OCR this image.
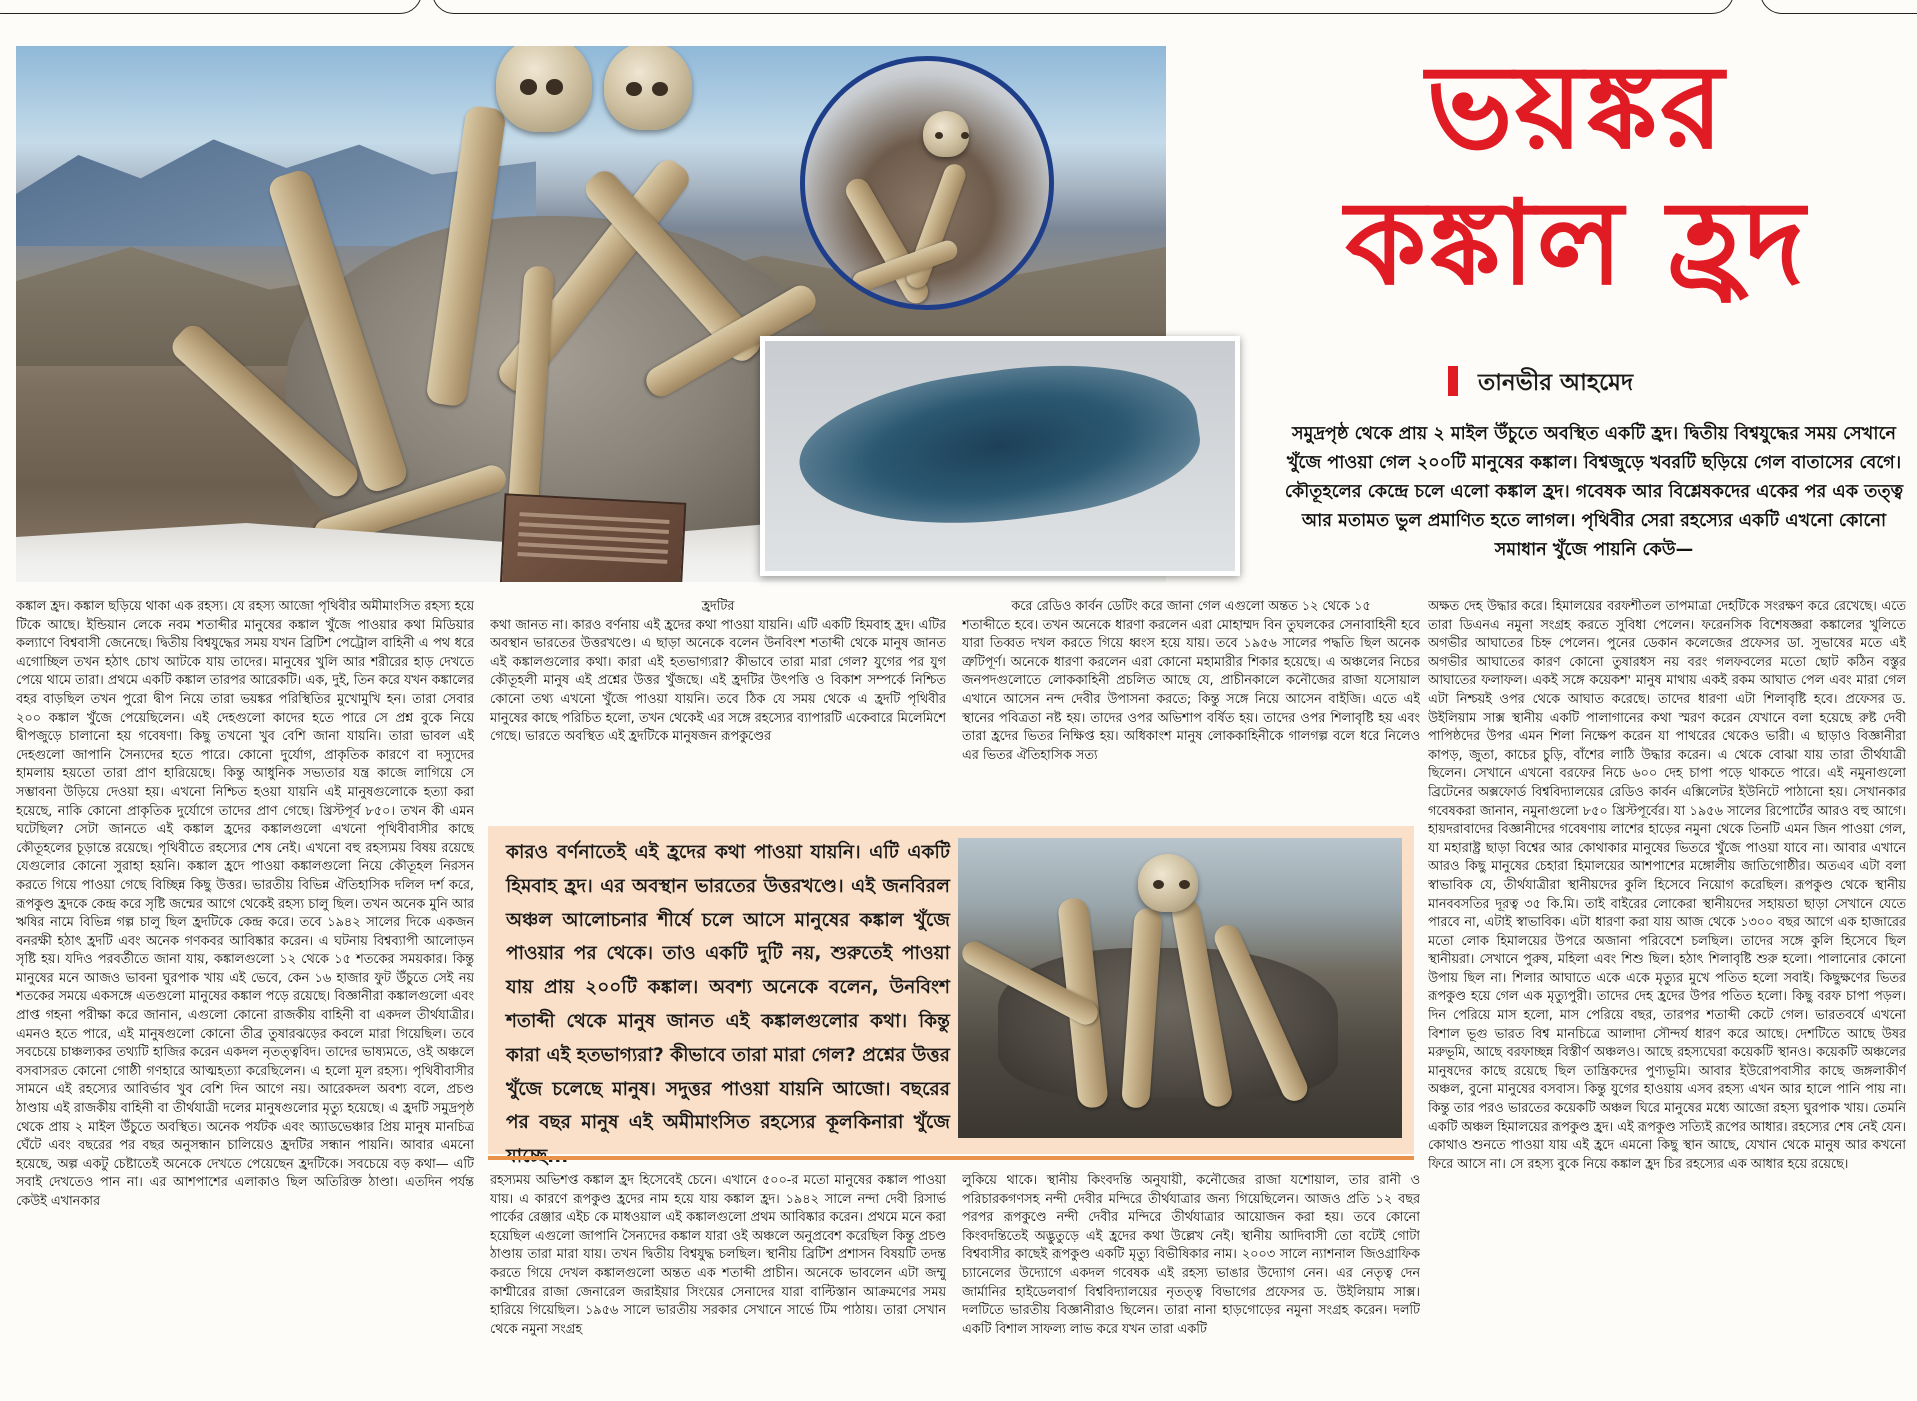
ভয়ঙ্কর
কঙ্কাল হ্রদ
তানভীর আহমেদ
সমুদ্রপৃষ্ঠ থেকে প্রায় ২ মাইল উঁচুতে অবস্থিত একটি হ্রদ। দ্বিতীয় বিশ্বযুদ্ধের সময় সেখানে খুঁজে পাওয়া গেল ২০০টি মানুষের কঙ্কাল। বিশ্বজুড়ে খবরটি ছড়িয়ে গেল বাতাসের বেগে। কৌতূহলের কেন্দ্রে চলে এলো কঙ্কাল হ্রদ। গবেষক আর বিশ্লেষকদের একের পর এক তত্ত্ব আর মতামত ভুল প্রমাণিত হতে লাগল। পৃথিবীর সেরা রহস্যের একটি এখনো কোনো সমাধান খুঁজে পায়নি কেউ—

কঙ্কাল হ্রদ। কঙ্কাল ছড়িয়ে থাকা এক রহস্য। যে রহস্য আজো পৃথিবীর অমীমাংসিত রহস্য হয়ে টিকে আছে। ইন্ডিয়ান লেকে নবম শতাব্দীর মানুষের কঙ্কাল খুঁজে পাওয়ার কথা মিডিয়ার কল্যাণে বিশ্ববাসী জেনেছে। দ্বিতীয় বিশ্বযুদ্ধের সময় যখন ব্রিটিশ পেট্রোল বাহিনী এ পথ ধরে এগোচ্ছিল তখন হঠাৎ চোখ আটকে যায় তাদের। মানুষের খুলি আর শরীরের হাড় দেখতে পেয়ে থামে তারা। প্রথমে একটি কঙ্কাল তারপর আরেকটি। এক, দুই, তিন করে যখন কঙ্কালের বহর বাড়ছিল তখন পুরো দ্বীপ নিয়ে তারা ভয়ঙ্কর পরিস্থিতির মুখোমুখি হন। তারা সেবার ২০০ কঙ্কাল খুঁজে পেয়েছিলেন। এই দেহগুলো কাদের হতে পারে সে প্রশ্ন বুকে নিয়ে দ্বীপজুড়ে চালানো হয় গবেষণা। কিছু তখনো খুব বেশি জানা যায়নি। তারা ভাবল এই দেহগুলো জাপানি সৈন্যদের হতে পারে। কোনো দুর্যোগ, প্রাকৃতিক কারণে বা দস্যুদের হামলায় হয়তো তারা প্রাণ হারিয়েছে। কিন্তু আধুনিক সভ্যতার যন্ত্র কাজে লাগিয়ে সে সম্ভাবনা উড়িয়ে দেওয়া হয়। এখনো নিশ্চিত হওয়া যায়নি এই মানুষগুলোকে হত্যা করা হয়েছে, নাকি কোনো প্রাকৃতিক দুর্যোগে তাদের প্রাণ গেছে। খ্রিস্টপূর্ব ৮৫০। তখন কী এমন ঘটেছিল? সেটা জানতে এই কঙ্কাল হ্রদের কঙ্কালগুলো এখনো পৃথিবীবাসীর কাছে কৌতূহলের চূড়ান্তে রয়েছে। পৃথিবীতে রহস্যের শেষ নেই। এখনো বহু রহস্যময় বিষয় রয়েছে যেগুলোর কোনো সুরাহা হয়নি। কঙ্কাল হ্রদে পাওয়া কঙ্কালগুলো নিয়ে কৌতূহল নিরসন করতে গিয়ে পাওয়া গেছে বিচ্ছিন্ন কিছু উত্তর। ভারতীয় বিভিন্ন ঐতিহাসিক দলিল দর্শ করে, রূপকুণ্ড হ্রদকে কেন্দ্র করে সৃষ্টি জন্মের আগে থেকেই রহস্য চালু ছিল। তখন অনেক মুনি আর ঋষির নামে বিভিন্ন গল্প চালু ছিল হ্রদটিকে কেন্দ্র করে। তবে ১৯৪২ সালের দিকে একজন বনরক্ষী হঠাৎ হ্রদটি এবং অনেক গণকবর আবিষ্কার করেন। এ ঘটনায় বিশ্বব্যাপী আলোড়ন সৃষ্টি হয়। যদিও পরবর্তীতে জানা যায়, কঙ্কালগুলো ১২ থেকে ১৫ শতকের সময়কার। কিন্তু মানুষের মনে আজও ভাবনা ঘুরপাক খায় এই ভেবে, কেন ১৬ হাজার ফুট উঁচুতে সেই নয় শতকের সময়ে একসঙ্গে এতগুলো মানুষের কঙ্কাল পড়ে রয়েছে। বিজ্ঞানীরা কঙ্কালগুলো এবং প্রাপ্ত গহনা পরীক্ষা করে জানান, এগুলো কোনো রাজকীয় বাহিনী বা একদল তীর্থযাত্রীর। এমনও হতে পারে, এই মানুষগুলো কোনো তীব্র তুষারঝড়ের কবলে মারা গিয়েছিল। তবে সবচেয়ে চাঞ্চল্যকর তথ্যটি হাজির করেন একদল নৃতত্ত্ববিদ। তাদের ভাষ্যমতে, ওই অঞ্চলে বসবাসরত কোনো গোষ্ঠী গণহারে আত্মহত্যা করেছিলেন। এ হলো মূল রহস্য। পৃথিবীবাসীর সামনে এই রহস্যের আবির্ভাব খুব বেশি দিন আগে নয়। আরেকদল অবশ্য বলে, প্রচণ্ড ঠাণ্ডায় এই রাজকীয় বাহিনী বা তীর্থযাত্রী দলের মানুষগুলোর মৃত্যু হয়েছে। এ হ্রদটি সমুদ্রপৃষ্ঠ থেকে প্রায় ২ মাইল উঁচুতে অবস্থিত। অনেক পর্যটক এবং অ্যাডভেঞ্চার প্রিয় মানুষ মানচিত্র ঘেঁটে এবং বছরের পর বছর অনুসন্ধান চালিয়েও হ্রদটির সন্ধান পায়নি। আবার এমনো হয়েছে, অল্প একটু চেষ্টাতেই অনেকে দেখতে পেয়েছেন হ্রদটিকে। সবচেয়ে বড় কথা— এটি সবাই দেখতেও পান না। এর আশপাশের এলাকাও ছিল অতিরিক্ত ঠাণ্ডা। এতদিন পর্যন্ত কেউই এখানকার

হ্রদটির

কথা জানত না। কারও বর্ণনায় এই হ্রদের কথা পাওয়া যায়নি। এটি একটি হিমবাহ হ্রদ। এটির অবস্থান ভারতের উত্তরখণ্ডে। এ ছাড়া অনেকে বলেন উনবিংশ শতাব্দী থেকে মানুষ জানত এই কঙ্কালগুলোর কথা। কারা এই হতভাগ্যরা? কীভাবে তারা মারা গেল? যুগের পর যুগ কৌতূহলী মানুষ এই প্রশ্নের উত্তর খুঁজছে। এই হ্রদটির উৎপত্তি ও বিকাশ সম্পর্কে নিশ্চিত কোনো তথ্য এখনো খুঁজে পাওয়া যায়নি। তবে ঠিক যে সময় থেকে এ হ্রদটি পৃথিবীর মানুষের কাছে পরিচিত হলো, তখন থেকেই এর সঙ্গে রহস্যের ব্যাপারটি একেবারে মিলেমিশে গেছে। ভারতে অবস্থিত এই হ্রদটিকে মানুষজন রূপকুণ্ডের

করে রেডিও কার্বন ডেটিং করে জানা গেল এগুলো অন্তত ১২ থেকে ১৫

শতাব্দীতে হবে। তখন অনেকে ধারণা করলেন এরা মোহাম্মদ বিন তুঘলকের সেনাবাহিনী হবে যারা তিব্বত দখল করতে গিয়ে ধ্বংস হয়ে যায়। তবে ১৯৫৬ সালের পদ্ধতি ছিল অনেক ত্রুটিপূর্ণ। অনেকে ধারণা করলেন এরা কোনো মহামারীর শিকার হয়েছে। এ অঞ্চলের নিচের জনপদগুলোতে লোককাহিনী প্রচলিত আছে যে, প্রাচীনকালে কনৌজের রাজা যসোয়াল এখানে আসেন নন্দ দেবীর উপাসনা করতে; কিন্তু সঙ্গে নিয়ে আসেন বাইজি। এতে এই স্থানের পবিত্রতা নষ্ট হয়। তাদের ওপর অভিশাপ বর্ষিত হয়। তাদের ওপর শিলাবৃষ্টি হয় এবং তারা হ্রদের ভিতর নিক্ষিপ্ত হয়। অধিকাংশ মানুষ লোককাহিনীকে গালগল্প বলে ধরে নিলেও এর ভিতর ঐতিহাসিক সত্য

অক্ষত দেহ উদ্ধার করে। হিমালয়ের বরফশীতল তাপমাত্রা দেহটিকে সংরক্ষণ করে রেখেছে। এতে তারা ডিএনএ নমুনা সংগ্রহ করতে সুবিধা পেলেন। ফরেনসিক বিশেষজ্ঞরা কঙ্কালের খুলিতে অগভীর আঘাতের চিহ্ন পেলেন। পুনের ডেকান কলেজের প্রফেসর ডা. সুভাষের মতে এই অগভীর আঘাতের কারণ কোনো তুষারধস নয় বরং গলফবলের মতো ছোট কঠিন বস্তুর আঘাতের ফলাফল। একই সঙ্গে কয়েকশ' মানুষ মাথায় একই রকম আঘাত পেল এবং মারা গেল এটা নিশ্চয়ই ওপর থেকে আঘাত করেছে। তাদের ধারণা এটা শিলাবৃষ্টি হবে। প্রফেসর ড. উইলিয়াম সাক্স স্থানীয় একটি পালাগানের কথা স্মরণ করেন যেখানে বলা হয়েছে রুষ্ট দেবী পাপিষ্ঠদের উপর এমন শিলা নিক্ষেপ করেন যা পাথরের থেকেও ভারী। এ ছাড়াও বিজ্ঞানীরা কাপড়, জুতা, কাচের চুড়ি, বাঁশের লাঠি উদ্ধার করেন। এ থেকে বোঝা যায় তারা তীর্থযাত্রী ছিলেন। সেখানে এখনো বরফের নিচে ৬০০ দেহ চাপা পড়ে থাকতে পারে। এই নমুনাগুলো ব্রিটেনের অক্সফোর্ড বিশ্ববিদ্যালয়ের রেডিও কার্বন এক্সিলেটর ইউনিটে পাঠানো হয়। সেখানকার গবেষকরা জানান, নমুনাগুলো ৮৫০ খ্রিস্টপূর্বের। যা ১৯৫৬ সালের রিপোর্টের আরও বহু আগে। হায়দরাবাদের বিজ্ঞানীদের গবেষণায় লাশের হাড়ের নমুনা থেকে তিনটি এমন জিন পাওয়া গেল, যা মহারাষ্ট্র ছাড়া বিশ্বের আর কোথাকার মানুষের ভিতরে খুঁজে পাওয়া যাবে না। আবার এখানে আরও কিছু মানুষের চেহারা হিমালয়ের আশপাশের মঙ্গোলীয় জাতিগোষ্ঠীর। অতএব এটা বলা স্বাভাবিক যে, তীর্থযাত্রীরা স্থানীয়দের কুলি হিসেবে নিয়োগ করেছিল। রূপকুণ্ড থেকে স্থানীয় মানববসতির দূরত্ব ৩৫ কি.মি। তাই বাইরের লোকেরা স্থানীয়দের সহায়তা ছাড়া সেখানে যেতে পারবে না, এটাই স্বাভাবিক। এটা ধারণা করা যায় আজ থেকে ১৩০০ বছর আগে এক হাজারের মতো লোক হিমালয়ের উপরে অজানা পরিবেশে চলছিল। তাদের সঙ্গে কুলি হিসেবে ছিল স্থানীয়রা। সেখানে পুরুষ, মহিলা এবং শিশু ছিল। হঠাৎ শিলাবৃষ্টি শুরু হলো। পালানোর কোনো উপায় ছিল না। শিলার আঘাতে একে একে মৃত্যুর মুখে পতিত হলো সবাই। কিছুক্ষণের ভিতর রূপকুণ্ড হয়ে গেল এক মৃত্যুপুরী। তাদের দেহ হ্রদের উপর পতিত হলো। কিছু বরফ চাপা পড়ল। দিন পেরিয়ে মাস হলো, মাস পেরিয়ে বছর, তারপর শতাব্দী কেটে গেল। ভারতবর্ষে এখনো বিশাল ভূগু ভারত বিশ্ব মানচিত্রে আলাদা সৌন্দর্য ধারণ করে আছে। দেশটিতে আছে উষর মরুভূমি, আছে বরফাচ্ছন্ন বিস্তীর্ণ অঞ্চলও। আছে রহস্যঘেরা কয়েকটি স্থানও। কয়েকটি অঞ্চলের মানুষদের কাছে রয়েছে ছিল তান্ত্রিকদের পুণ্যভূমি। আবার ইউরোপবাসীর কাছে জঙ্গলাকীর্ণ অঞ্চল, বুনো মানুষের বসবাস। কিন্তু যুগের হাওয়ায় এসব রহস্য এখন আর হালে পানি পায় না। কিন্তু তার পরও ভারতের কয়েকটি অঞ্চল ঘিরে মানুষের মধ্যে আজো রহস্য ঘুরপাক খায়। তেমনি একটি অঞ্চল হিমালয়ের রূপকুণ্ড হ্রদ। এই রূপকুণ্ড সত্যিই রূপের আধার। রহস্যের শেষ নেই যেন। কোথাও শুনতে পাওয়া যায় এই হ্রদে এমনো কিছু স্থান আছে, যেখান থেকে মানুষ আর কখনো ফিরে আসে না। সে রহস্য বুকে নিয়ে কঙ্কাল হ্রদ চির রহস্যের এক আধার হয়ে রয়েছে।

কারও বর্ণনাতেই এই হ্রদের কথা পাওয়া যায়নি। এটি একটি হিমবাহ হ্রদ। এর অবস্থান ভারতের উত্তরখণ্ডে। এই জনবিরল অঞ্চল আলোচনার শীর্ষে চলে আসে মানুষের কঙ্কাল খুঁজে পাওয়ার পর থেকে। তাও একটি দুটি নয়, শুরুতেই পাওয়া যায় প্রায় ২০০টি কঙ্কাল। অবশ্য অনেকে বলেন, উনবিংশ শতাব্দী থেকে মানুষ জানত এই কঙ্কালগুলোর কথা। কিন্তু কারা এই হতভাগ্যরা? কীভাবে তারা মারা গেল? প্রশ্নের উত্তর খুঁজে চলেছে মানুষ। সদুত্তর পাওয়া যায়নি আজো। বছরের পর বছর মানুষ এই অমীমাংসিত রহস্যের কূলকিনারা খুঁজে

রহস্যময় অভিশপ্ত কঙ্কাল হ্রদ হিসেবেই চেনে। এখানে ৫০০-র মতো মানুষের কঙ্কাল পাওয়া যায়। এ কারণে রূপকুণ্ড হ্রদের নাম হয়ে যায় কঙ্কাল হ্রদ। ১৯৪২ সালে নন্দা দেবী রিসার্ভ পার্কের রেঞ্জার এইচ কে মাধওয়াল এই কঙ্কালগুলো প্রথম আবিষ্কার করেন। প্রথমে মনে করা হয়েছিল এগুলো জাপানি সৈন্যদের কঙ্কাল যারা ওই অঞ্চলে অনুপ্রবেশ করেছিল কিন্তু প্রচণ্ড ঠাণ্ডায় তারা মারা যায়। তখন দ্বিতীয় বিশ্বযুদ্ধ চলছিল। স্থানীয় ব্রিটিশ প্রশাসন বিষয়টি তদন্ত করতে গিয়ে দেখল কঙ্কালগুলো অন্তত এক শতাব্দী প্রাচীন। অনেকে ভাবলেন এটা জম্মু কাশ্মীরের রাজা জেনারেল জরাইয়ার সিংয়ের সেনাদের যারা বাল্টিস্তান আক্রমণের সময় হারিয়ে গিয়েছিল। ১৯৫৬ সালে ভারতীয় সরকার সেখানে সার্ভে টিম পাঠায়। তারা সেখান থেকে নমুনা সংগ্রহ

লুকিয়ে থাকে। স্থানীয় কিংবদন্তি অনুযায়ী, কনৌজের রাজা যশোয়াল, তার রানী ও পরিচারকগণসহ নন্দী দেবীর মন্দিরে তীর্থযাত্রার জন্য গিয়েছিলেন। আজও প্রতি ১২ বছর পরপর রূপকুণ্ডে নন্দী দেবীর মন্দিরে তীর্থযাত্রার আয়োজন করা হয়। তবে কোনো কিংবদন্তিতেই অদ্ভুতুড়ে এই হ্রদের কথা উল্লেখ নেই। স্থানীয় আদিবাসী তো বটেই গোটা বিশ্ববাসীর কাছেই রূপকুণ্ড একটি মৃত্যু বিভীষিকার নাম। ২০০৩ সালে ন্যাশনাল জিওগ্রাফিক চ্যানেলের উদ্যোগে একদল গবেষক এই রহস্য ভাঙার উদ্যোগ নেন। এর নেতৃত্ব দেন জার্মানির হাইডেলবার্গ বিশ্ববিদ্যালয়ের নৃতত্ত্ব বিভাগের প্রফেসর ড. উইলিয়াম সাক্স। দলটিতে ভারতীয় বিজ্ঞানীরাও ছিলেন। তারা নানা হাড়গোড়ের নমুনা সংগ্রহ করেন। দলটি একটি বিশাল সাফল্য লাভ করে যখন তারা একটি
